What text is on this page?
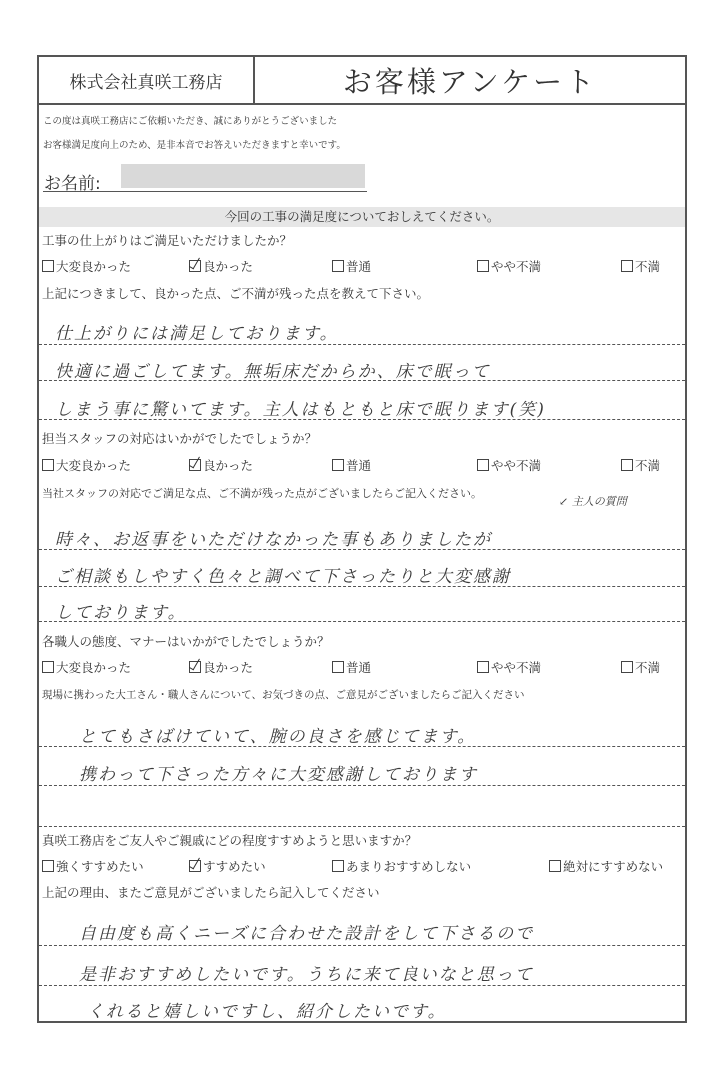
株式会社真咲工務店	お客様アンケート
この度は真咲工務店にご依頼いただき、誠にありがとうございました
お客様満足度向上のため、是非本音でお答えいただきますと幸いです。
お名前:
今回の工事の満足度についておしえてください。
工事の仕上がりはご満足いただけましたか？
大変良かった	良かった	普通	やや不満	不満
上記につきまして、良かった点、ご不満が残った点を教えて下さい。
仕上がりには満足しております。
快適に過ごしてます。無垢床だからか、床で眠って
しまう事に驚いてます。主人はもともと床で眠ります(笑)
担当スタッフの対応はいかがでしたでしょうか？
大変良かった	良かった	普通	やや不満	不満
当社スタッフの対応でご満足な点、ご不満が残った点がございましたらご記入ください。
↙ 主人の質問
時々、お返事をいただけなかった事もありましたが
ご相談もしやすく色々と調べて下さったりと大変感謝
しております。
各職人の態度、マナーはいかがでしたでしょうか？
大変良かった	良かった	普通	やや不満	不満
現場に携わった大工さん・職人さんについて、お気づきの点、ご意見がございましたらご記入ください
とてもさばけていて、腕の良さを感じてます。
携わって下さった方々に大変感謝しております
真咲工務店をご友人やご親戚にどの程度すすめようと思いますか？
強くすすめたい	すすめたい	あまりおすすめしない	絶対にすすめない
上記の理由、またご意見がございましたら記入してください
自由度も高くニーズに合わせた設計をして下さるので
是非おすすめしたいです。うちに来て良いなと思って
くれると嬉しいですし、紹介したいです。
